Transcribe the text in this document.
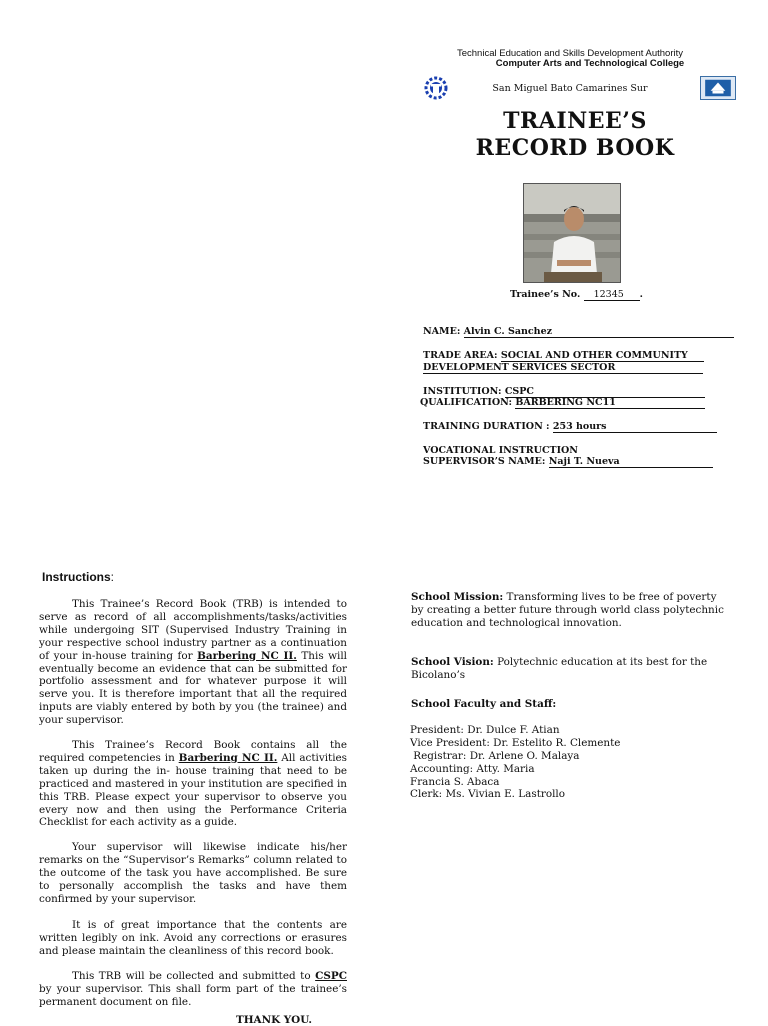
Technical Education and Skills Development Authority
Computer Arts and Technological College
San Miguel Bato Camarines Sur
TRAINEE’S
RECORD BOOK
Trainee’s No. 12345 .
NAME: Alvin C. Sanchez
TRADE AREA: SOCIAL AND OTHER COMMUNITY
DEVELOPMENT SERVICES SECTOR
INSTITUTION: CSPC
QUALIFICATION: BARBERING NC11
TRAINING DURATION : 253 hours
VOCATIONAL INSTRUCTION
SUPERVISOR’S NAME: Naji T. Nueva
Instructions:
This Trainee’s Record Book (TRB) is intended to serve as record of all accomplishments/tasks/activities while undergoing SIT (Supervised Industry Training in your respective school industry partner as a continuation of your in-house training for Barbering NC II. This will eventually become an evidence that can be submitted for portfolio assessment and for whatever purpose it will serve you. It is therefore important that all the required inputs are viably entered by both by you (the trainee) and your supervisor.
This Trainee’s Record Book contains all the required competencies in Barbering NC II. All activities taken up during the in- house training that need to be practiced and mastered in your institution are specified in this TRB. Please expect your supervisor to observe you every now and then using the Performance Criteria Checklist for each activity as a guide.
Your supervisor will likewise indicate his/her remarks on the “Supervisor’s Remarks” column related to the outcome of the task you have accomplished. Be sure to personally accomplish the tasks and have them confirmed by your supervisor.
It is of great importance that the contents are written legibly on ink. Avoid any corrections or erasures and please maintain the cleanliness of this record book.
This TRB will be collected and submitted to CSPC by your supervisor. This shall form part of the trainee’s permanent document on file.
THANK YOU.
School Mission: Transforming lives to be free of poverty by creating a better future through world class polytechnic education and technological innovation.
School Vision: Polytechnic education at its best for the Bicolano’s
School Faculty and Staff:
President: Dr. Dulce F. Atian
Vice President: Dr. Estelito R. Clemente
Registrar: Dr. Arlene O. Malaya
Accounting: Atty. Maria
Francia S. Abaca
Clerk: Ms. Vivian E. Lastrollo
